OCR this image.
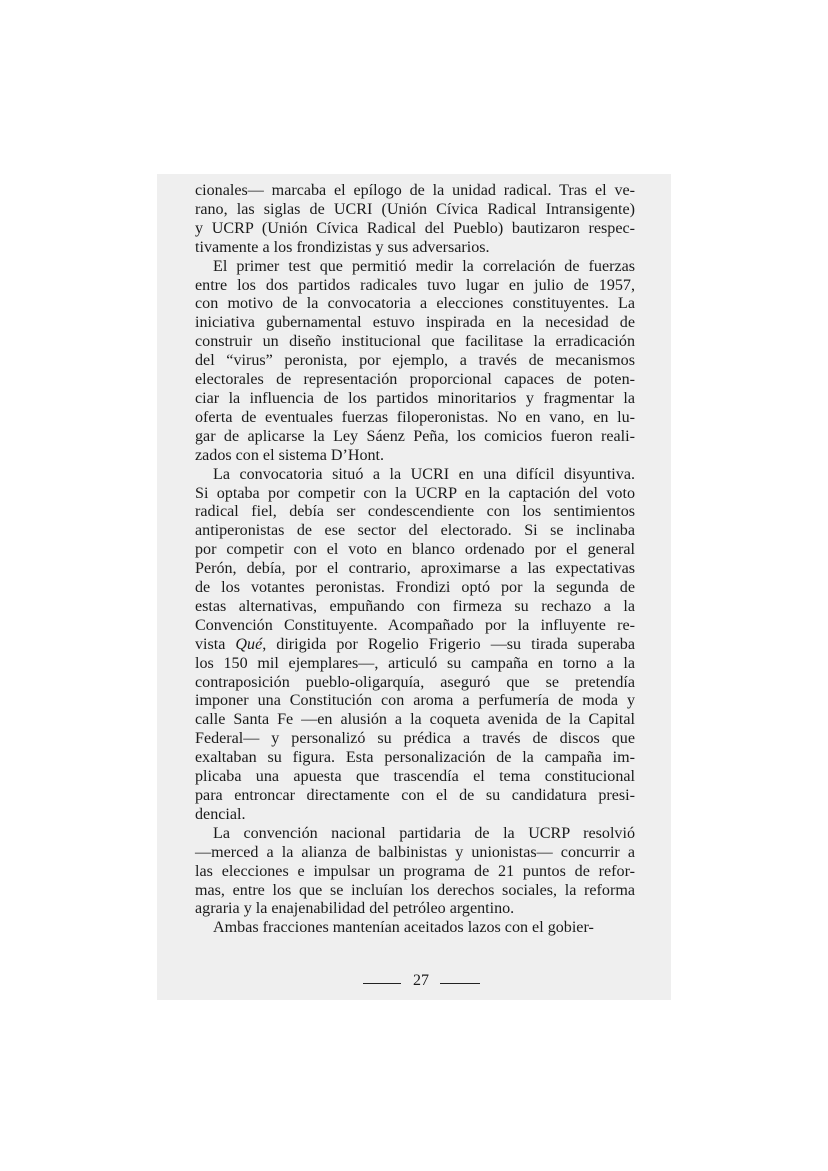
cionales— marcaba el epílogo de la unidad radical. Tras el ve-
rano, las siglas de UCRI (Unión Cívica Radical Intransigente)
y UCRP (Unión Cívica Radical del Pueblo) bautizaron respec-
tivamente a los frondizistas y sus adversarios.

El primer test que permitió medir la correlación de fuerzas
entre los dos partidos radicales tuvo lugar en julio de 1957,
con motivo de la convocatoria a elecciones constituyentes. La
iniciativa gubernamental estuvo inspirada en la necesidad de
construir un diseño institucional que facilitase la erradicación
del “virus” peronista, por ejemplo, a través de mecanismos
electorales de representación proporcional capaces de poten-
ciar la influencia de los partidos minoritarios y fragmentar la
oferta de eventuales fuerzas filoperonistas. No en vano, en lu-
gar de aplicarse la Ley Sáenz Peña, los comicios fueron reali-
zados con el sistema D’Hont.

La convocatoria situó a la UCRI en una difícil disyuntiva.
Si optaba por competir con la UCRP en la captación del voto
radical fiel, debía ser condescendiente con los sentimientos
antiperonistas de ese sector del electorado. Si se inclinaba
por competir con el voto en blanco ordenado por el general
Perón, debía, por el contrario, aproximarse a las expectativas
de los votantes peronistas. Frondizi optó por la segunda de
estas alternativas, empuñando con firmeza su rechazo a la
Convención Constituyente. Acompañado por la influyente re-
vista Qué, dirigida por Rogelio Frigerio —su tirada superaba
los 150 mil ejemplares—, articuló su campaña en torno a la
contraposición pueblo-oligarquía, aseguró que se pretendía
imponer una Constitución con aroma a perfumería de moda y
calle Santa Fe —en alusión a la coqueta avenida de la Capital
Federal— y personalizó su prédica a través de discos que
exaltaban su figura. Esta personalización de la campaña im-
plicaba una apuesta que trascendía el tema constitucional
para entroncar directamente con el de su candidatura presi-
dencial.

La convención nacional partidaria de la UCRP resolvió
—merced a la alianza de balbinistas y unionistas— concurrir a
las elecciones e impulsar un programa de 21 puntos de refor-
mas, entre los que se incluían los derechos sociales, la reforma
agraria y la enajenabilidad del petróleo argentino.

Ambas fracciones mantenían aceitados lazos con el gobier-

27
